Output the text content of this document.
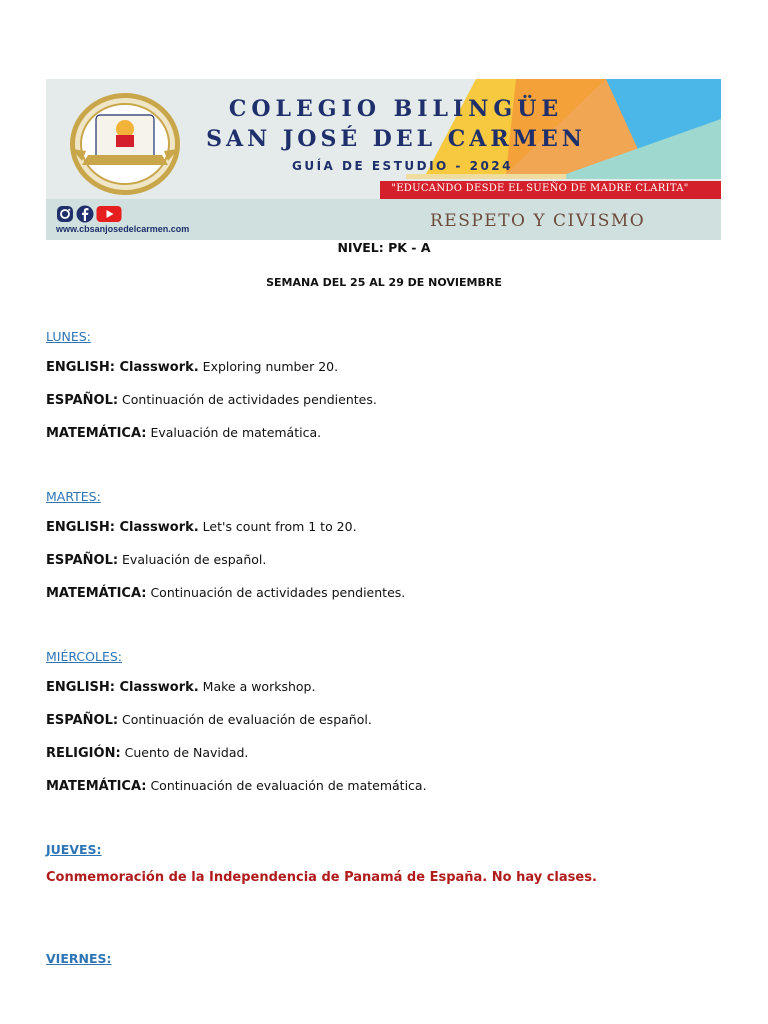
COLEGIO BILINGÜE
SAN JOSÉ DEL CARMEN
GUÍA DE ESTUDIO - 2024
"EDUCANDO DESDE EL SUEÑO DE MADRE CLARITA"
RESPETO Y CIVISMO
www.cbsanjosedelcarmen.com
NIVEL: PK - A
SEMANA DEL 25 AL 29 DE NOVIEMBRE
LUNES:
ENGLISH: Classwork. Exploring number 20.
ESPAÑOL: Continuación de actividades pendientes.
MATEMÁTICA: Evaluación de matemática.
MARTES:
ENGLISH: Classwork. Let's count from 1 to 20.
ESPAÑOL: Evaluación de español.
MATEMÁTICA: Continuación de actividades pendientes.
MIÉRCOLES:
ENGLISH: Classwork. Make a workshop.
ESPAÑOL: Continuación de evaluación de español.
RELIGIÓN: Cuento de Navidad.
MATEMÁTICA: Continuación de evaluación de matemática.
JUEVES:
Conmemoración de la Independencia de Panamá de España. No hay clases.
VIERNES:
